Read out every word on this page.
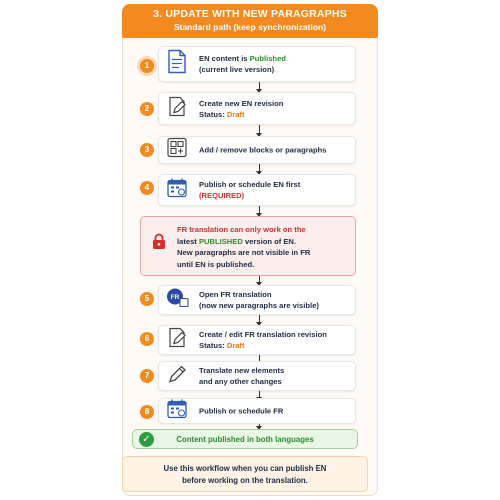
3. UPDATE WITH NEW PARAGRAPHS
Standard path (keep synchronization)
1
EN content is Published
(current live version)
2
Create new EN revision
Status: Draft
3	Add / remove blocks or paragraphs
4	Publish or schedule EN first
(REQUIRED)
FR translation can only work on the
latest PUBLISHED version of EN.
New paragraphs are not visible in FR
until EN is published.
5	FR	Open FR translation
(now new paragraphs are visible)
6	Create / edit FR translation revision
Status: Draft
7
Translate new elements
and any other changes
8	Publish or schedule FR
✓	Content published in both languages
Use this workflow when you can publish EN
before working on the translation.
